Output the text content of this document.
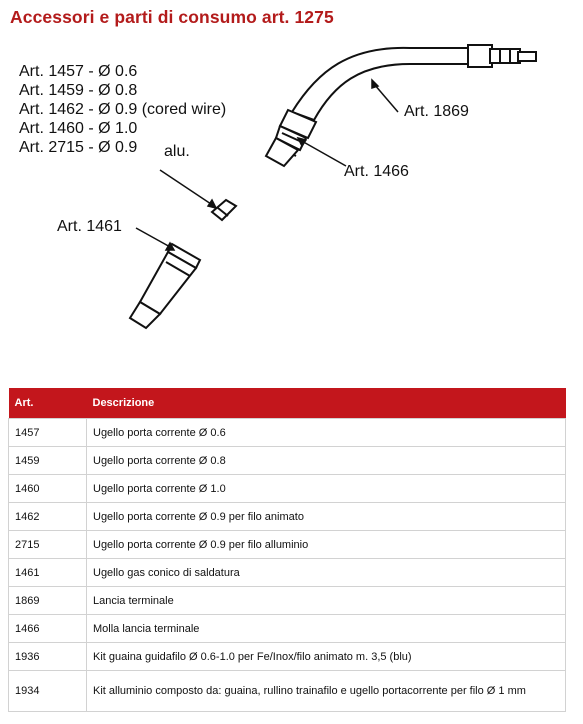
Accessori e parti di consumo art. 1275
Art. 1457 - Ø 0.6
Art. 1459 - Ø 0.8
Art. 1462 - Ø 0.9 (cored wire)
Art. 1460 - Ø 1.0
Art. 2715 - Ø 0.9	alu.
Art. 1869
Art. 1466
Art. 1461
Art.	Descrizione
1457	Ugello porta corrente Ø 0.6
1459	Ugello porta corrente Ø 0.8
1460	Ugello porta corrente Ø 1.0
1462	Ugello porta corrente Ø 0.9 per filo animato
2715	Ugello porta corrente Ø 0.9 per filo alluminio
1461	Ugello gas conico di saldatura
1869	Lancia terminale
1466	Molla lancia terminale
1936	Kit guaina guidafilo Ø 0.6-1.0 per Fe/Inox/filo animato m. 3,5 (blu)
1934	Kit alluminio composto da: guaina, rullino trainafilo e ugello portacorrente per filo Ø 1 mm
